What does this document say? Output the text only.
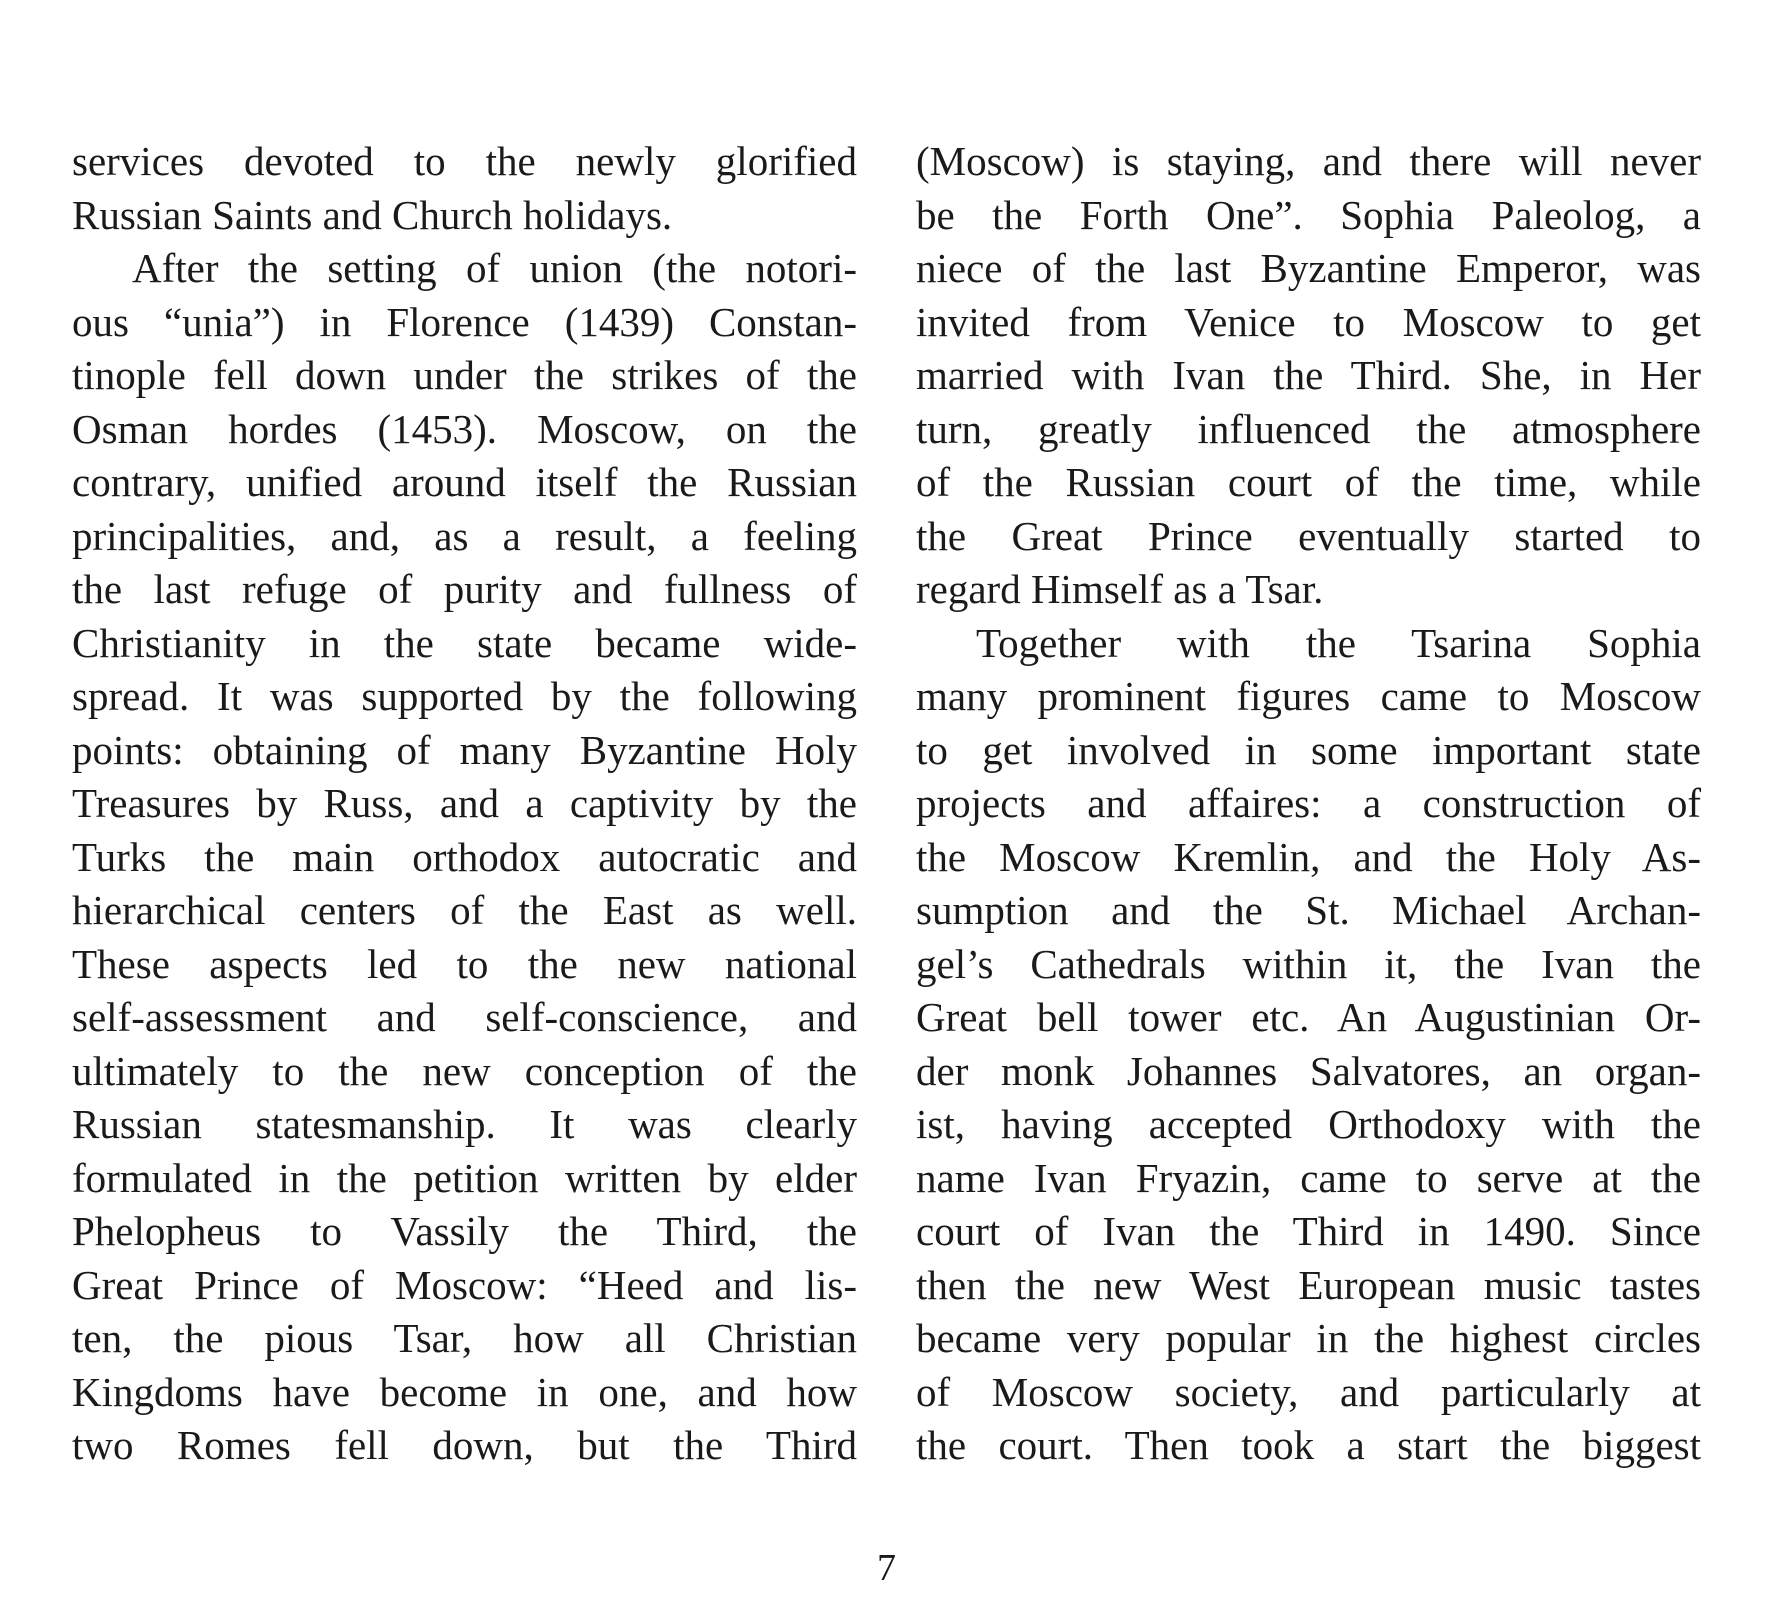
services devoted to the newly glorified
Russian Saints and Church holidays.
After the setting of union (the notori-
ous “unia”) in Florence (1439) Constan-
tinople fell down under the strikes of the
Osman hordes (1453). Moscow, on the
contrary, unified around itself the Russian
principalities, and, as a result, a feeling
the last refuge of purity and fullness of
Christianity in the state became wide-
spread. It was supported by the following
points: obtaining of many Byzantine Holy
Treasures by Russ, and a captivity by the
Turks the main orthodox autocratic and
hierarchical centers of the East as well.
These aspects led to the new national
self-assessment and self-conscience, and
ultimately to the new conception of the
Russian statesmanship. It was clearly
formulated in the petition written by elder
Phelopheus to Vassily the Third, the
Great Prince of Moscow: “Heed and lis-
ten, the pious Tsar, how all Christian
Kingdoms have become in one, and how
two Romes fell down, but the Third
(Moscow) is staying, and there will never
be the Forth One”. Sophia Paleolog, a
niece of the last Byzantine Emperor, was
invited from Venice to Moscow to get
married with Ivan the Third. She, in Her
turn, greatly influenced the atmosphere
of the Russian court of the time, while
the Great Prince eventually started to
regard Himself as a Tsar.
Together with the Tsarina Sophia
many prominent figures came to Moscow
to get involved in some important state
projects and affaires: a construction of
the Moscow Kremlin, and the Holy As-
sumption and the St. Michael Archan-
gel’s Cathedrals within it, the Ivan the
Great bell tower etc. An Augustinian Or-
der monk Johannes Salvatores, an organ-
ist, having accepted Orthodoxy with the
name Ivan Fryazin, came to serve at the
court of Ivan the Third in 1490. Since
then the new West European music tastes
became very popular in the highest circles
of Moscow society, and particularly at
the court. Then took a start the biggest
7
